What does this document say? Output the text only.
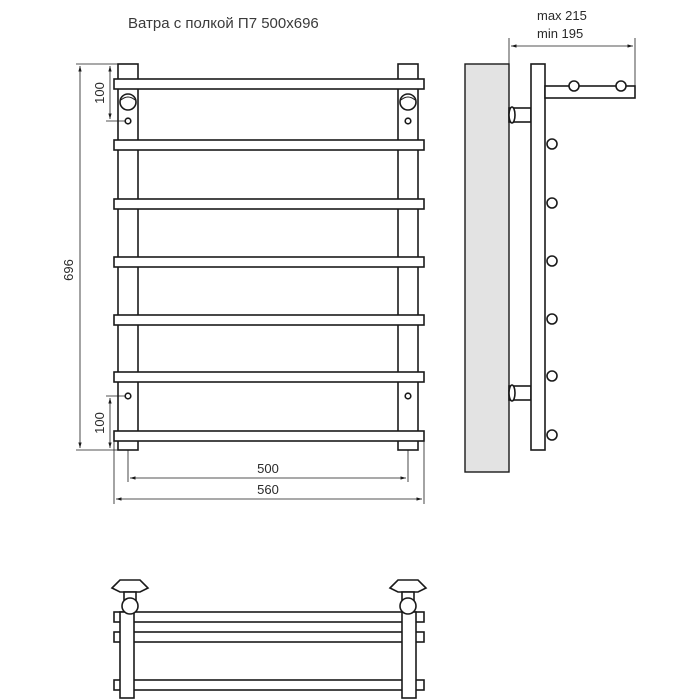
Ватра с полкой П7 500х696
696
100
100
500
560
max 215
min 195
